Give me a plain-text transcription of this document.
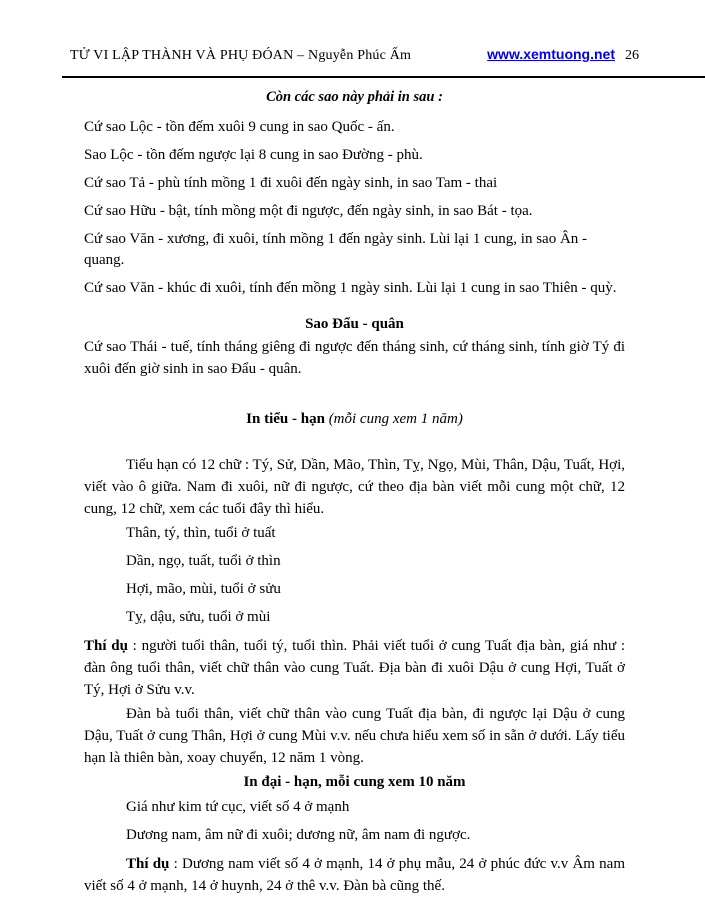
TỬ VI LẬP THÀNH VÀ PHỤ ĐÓAN – Nguyễn Phúc Ấm	www.xemtuong.net 26

Còn các sao này phải in sau :

Cứ sao Lộc - tồn đếm xuôi 9 cung in sao Quốc - ấn.

Sao Lộc - tồn đếm ngược lại 8 cung in sao Đường - phù.

Cứ sao Tả - phù tính mồng 1 đi xuôi đến ngày sinh, in sao Tam - thai

Cứ sao Hữu - bật, tính mồng một đi ngược, đến ngày sinh, in sao Bát - tọa.

Cứ sao Văn - xương, đi xuôi, tính mồng 1 đến ngày sinh. Lùi lại 1 cung, in sao Ân - quang.

Cứ sao Văn - khúc đi xuôi, tính đến mồng 1 ngày sinh. Lùi lại 1 cung in sao Thiên - quỳ.

Sao Đẩu - quân

Cứ sao Thái - tuế, tính tháng giêng đi ngược đến tháng sinh, cứ tháng sinh, tính giờ Tý đi xuôi đến giờ sinh in sao Đẩu - quân.

In tiểu - hạn (mỗi cung xem 1 năm)

Tiểu hạn có 12 chữ : Tý, Sử, Dần, Mão, Thìn, Tỵ, Ngọ, Mùi, Thân, Dậu, Tuất, Hợi, viết vào ô giữa. Nam đi xuôi, nữ đi ngược, cứ theo địa bàn viết mỗi cung một chữ, 12 cung, 12 chữ, xem các tuổi đây thì hiểu.

Thân, tý, thìn, tuổi ở tuất

Dần, ngọ, tuất, tuổi ở thìn

Hợi, mão, mùi, tuổi ở sửu

Tỵ, dậu, sửu, tuổi ở mùi

Thí dụ : người tuổi thân, tuổi tý, tuổi thìn. Phải viết tuổi ở cung Tuất địa bàn, giá như : đàn ông tuổi thân, viết chữ thân vào cung Tuất. Địa bàn đi xuôi Dậu ở cung Hợi, Tuất ở Tý, Hợi ở Sửu v.v.

Đàn bà tuổi thân, viết chữ thân vào cung Tuất địa bàn, đi ngược lại Dậu ở cung Dậu, Tuất ở cung Thân, Hợi ở cung Mùi v.v. nếu chưa hiểu xem số in sẵn ở dưới. Lấy tiểu hạn là thiên bàn, xoay chuyển, 12 năm 1 vòng.

In đại - hạn, mỗi cung xem 10 năm

Giá như kim tứ cục, viết số 4 ở mạnh

Dương nam, âm nữ đi xuôi; dương nữ, âm nam đi ngược.

Thí dụ : Dương nam viết số 4 ở mạnh, 14 ở phụ mẫu, 24 ở phúc đức v.v Âm nam viết số 4 ở mạnh, 14 ở huynh, 24 ở thê v.v. Đàn bà cũng thế.
